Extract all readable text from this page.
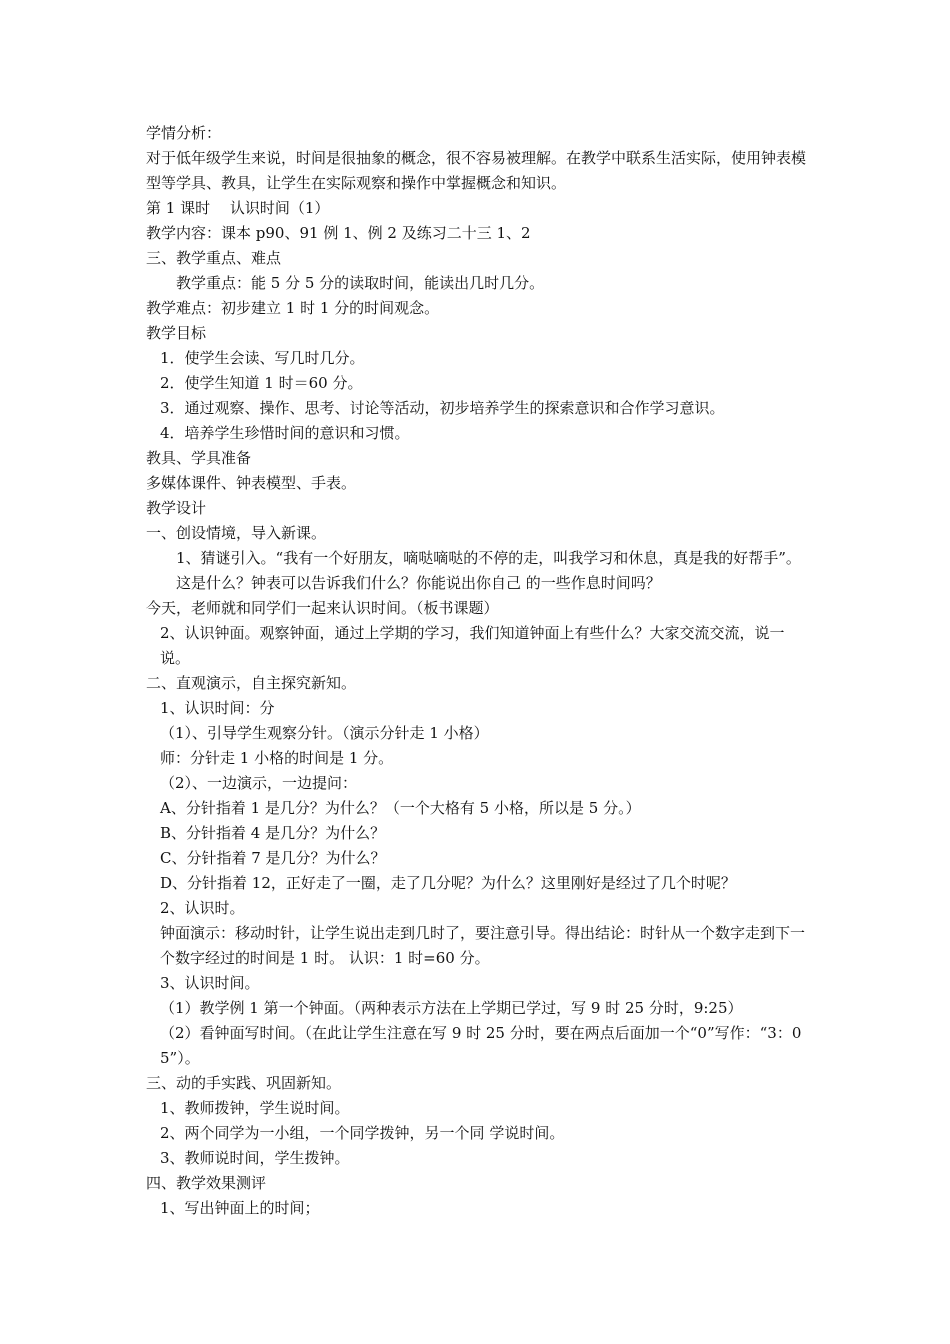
学情分析：
对于低年级学生来说，时间是很抽象的概念，很不容易被理解。在教学中联系生活实际，使用钟表模型等学具、教具，让学生在实际观察和操作中掌握概念和知识。
第 1 课时　 认识时间（1）
教学内容：课本 p90、91 例 1、例 2 及练习二十三 1、2
三、教学重点、难点
教学重点：能 5 分 5 分的读取时间，能读出几时几分。
教学难点：初步建立 1 时 1 分的时间观念。
教学目标
1．使学生会读、写几时几分。
2．使学生知道 1 时＝60 分。
3．通过观察、操作、思考、讨论等活动，初步培养学生的探索意识和合作学习意识。
4．培养学生珍惜时间的意识和习惯。
教具、学具准备
多媒体课件、钟表模型、手表。
教学设计
一、创设情境，导入新课。
1、猜谜引入。“我有一个好朋友，嘀哒嘀哒的不停的走，叫我学习和休息，真是我的好帮手”。这是什么？钟表可以告诉我们什么？你能说出你自己 的一些作息时间吗？
今天，老师就和同学们一起来认识时间。（板书课题）
2、认识钟面。观察钟面，通过上学期的学习，我们知道钟面上有些什么？大家交流交流，说一说。
二、直观演示，自主探究新知。
1、认识时间：分
（1）、引导学生观察分针。（演示分针走 1 小格）
师：分针走 1 小格的时间是 1 分。
（2）、一边演示，一边提问：
A、分针指着 1 是几分？为什么？（一个大格有 5 小格，所以是 5 分。）
B、分针指着 4 是几分？为什么？
C、分针指着 7 是几分？为什么？
D、分针指着 12，正好走了一圈，走了几分呢？为什么？这里刚好是经过了几个时呢？
2、认识时。
钟面演示：移动时针，让学生说出走到几时了，要注意引导。得出结论：时针从一个数字走到下一个数字经过的时间是 1 时。 认识：1 时=60 分。
3、认识时间。
（1）教学例 1 第一个钟面。（两种表示方法在上学期已学过，写 9 时 25 分时，9:25）
（2）看钟面写时间。（在此让学生注意在写 9 时 25 分时，要在两点后面加一个“0”写作：“3：05”）。
三、动的手实践、巩固新知。
1、教师拨钟，学生说时间。
2、两个同学为一小组，一个同学拨钟，另一个同 学说时间。
3、教师说时间，学生拨钟。
四、教学效果测评
1、写出钟面上的时间；
